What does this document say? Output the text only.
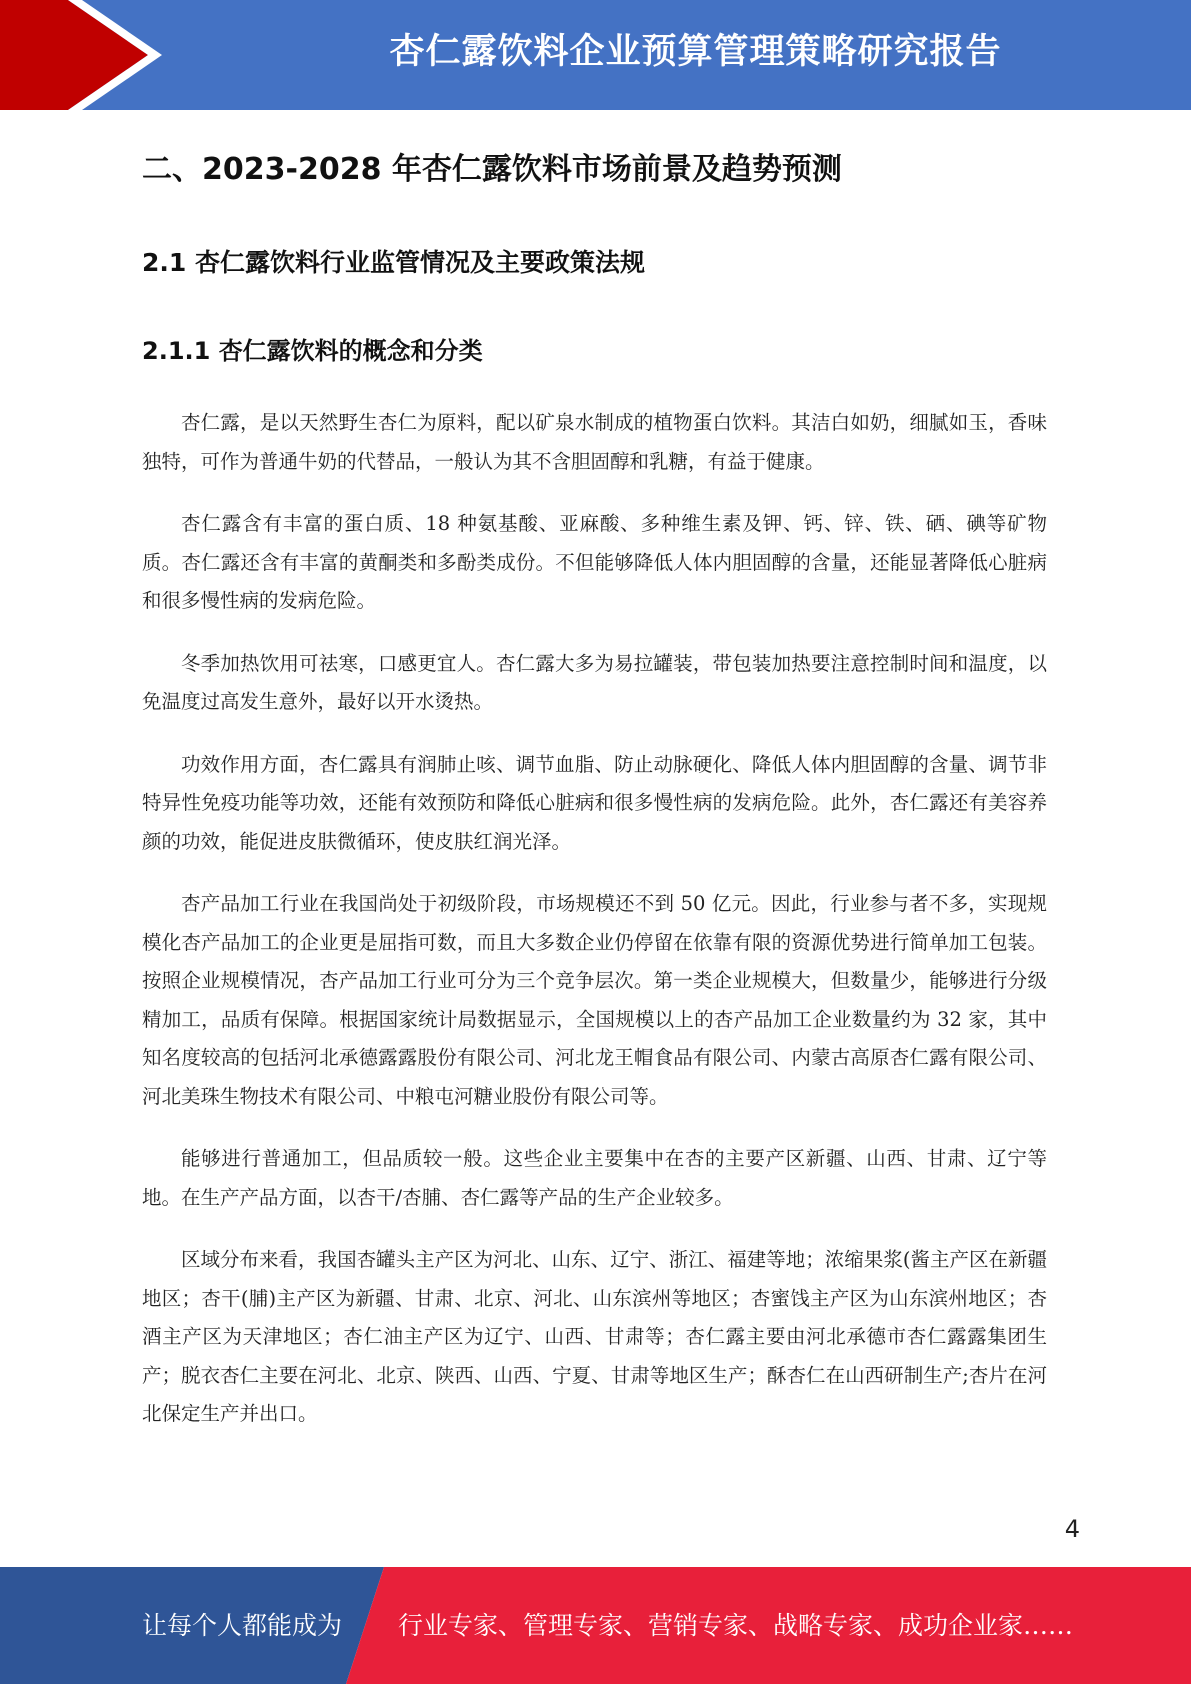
杏仁露饮料企业预算管理策略研究报告
二、2023-2028 年杏仁露饮料市场前景及趋势预测
2.1 杏仁露饮料行业监管情况及主要政策法规
2.1.1 杏仁露饮料的概念和分类

杏仁露，是以天然野生杏仁为原料，配以矿泉水制成的植物蛋白饮料。其洁白如奶，细腻如玉，香味独特，可作为普通牛奶的代替品，一般认为其不含胆固醇和乳糖，有益于健康。

杏仁露含有丰富的蛋白质、18 种氨基酸、亚麻酸、多种维生素及钾、钙、锌、铁、硒、碘等矿物质。杏仁露还含有丰富的黄酮类和多酚类成份。不但能够降低人体内胆固醇的含量，还能显著降低心脏病和很多慢性病的发病危险。

冬季加热饮用可祛寒，口感更宜人。杏仁露大多为易拉罐装，带包装加热要注意控制时间和温度，以免温度过高发生意外，最好以开水烫热。

功效作用方面，杏仁露具有润肺止咳、调节血脂、防止动脉硬化、降低人体内胆固醇的含量、调节非特异性免疫功能等功效，还能有效预防和降低心脏病和很多慢性病的发病危险。此外，杏仁露还有美容养颜的功效，能促进皮肤微循环，使皮肤红润光泽。

杏产品加工行业在我国尚处于初级阶段，市场规模还不到 50 亿元。因此，行业参与者不多，实现规模化杏产品加工的企业更是屈指可数，而且大多数企业仍停留在依靠有限的资源优势进行简单加工包装。按照企业规模情况，杏产品加工行业可分为三个竞争层次。第一类企业规模大，但数量少，能够进行分级精加工，品质有保障。根据国家统计局数据显示，全国规模以上的杏产品加工企业数量约为 32 家，其中知名度较高的包括河北承德露露股份有限公司、河北龙王帽食品有限公司、内蒙古高原杏仁露有限公司、河北美珠生物技术有限公司、中粮屯河糖业股份有限公司等。

能够进行普通加工，但品质较一般。这些企业主要集中在杏的主要产区新疆、山西、甘肃、辽宁等地。在生产产品方面，以杏干/杏脯、杏仁露等产品的生产企业较多。

区域分布来看，我国杏罐头主产区为河北、山东、辽宁、浙江、福建等地；浓缩果浆(酱主产区在新疆地区；杏干(脯)主产区为新疆、甘肃、北京、河北、山东滨州等地区；杏蜜饯主产区为山东滨州地区；杏酒主产区为天津地区；杏仁油主产区为辽宁、山西、甘肃等；杏仁露主要由河北承德市杏仁露露集团生产；脱衣杏仁主要在河北、北京、陕西、山西、宁夏、甘肃等地区生产；酥杏仁在山西研制生产;杏片在河北保定生产并出口。

4
让每个人都能成为 行业专家、管理专家、营销专家、战略专家、成功企业家……
